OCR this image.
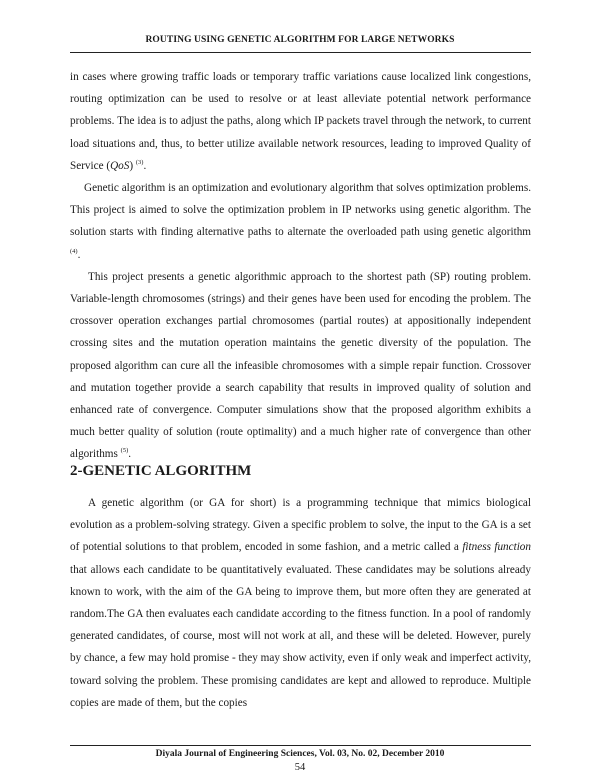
ROUTING USING GENETIC ALGORITHM FOR LARGE NETWORKS

in cases where growing traffic loads or temporary traffic variations cause localized link congestions, routing optimization can be used to resolve or at least alleviate potential network performance problems. The idea is to adjust the paths, along which IP packets travel through the network, to current load situations and, thus, to better utilize available network resources, leading to improved Quality of Service (QoS) $^{(3)}$.

Genetic algorithm is an optimization and evolutionary algorithm that solves optimization problems. This project is aimed to solve the optimization problem in IP networks using genetic algorithm. The solution starts with finding alternative paths to alternate the overloaded path using genetic algorithm $^{(4)}$.

This project presents a genetic algorithmic approach to the shortest path (SP) routing problem. Variable-length chromosomes (strings) and their genes have been used for encoding the problem. The crossover operation exchanges partial chromosomes (partial routes) at appositionally independent crossing sites and the mutation operation maintains the genetic diversity of the population. The proposed algorithm can cure all the infeasible chromosomes with a simple repair function. Crossover and mutation together provide a search capability that results in improved quality of solution and enhanced rate of convergence. Computer simulations show that the proposed algorithm exhibits a much better quality of solution (route optimality) and a much higher rate of convergence than other algorithms $^{(5)}$.

2-GENETIC ALGORITHM

A genetic algorithm (or GA for short) is a programming technique that mimics biological evolution as a problem-solving strategy. Given a specific problem to solve, the input to the GA is a set of potential solutions to that problem, encoded in some fashion, and a metric called a fitness function that allows each candidate to be quantitatively evaluated. These candidates may be solutions already known to work, with the aim of the GA being to improve them, but more often they are generated at random.The GA then evaluates each candidate according to the fitness function. In a pool of randomly generated candidates, of course, most will not work at all, and these will be deleted. However, purely by chance, a few may hold promise - they may show activity, even if only weak and imperfect activity, toward solving the problem. These promising candidates are kept and allowed to reproduce. Multiple copies are made of them, but the copies

Diyala Journal of Engineering Sciences, Vol. 03, No. 02, December 2010
54
